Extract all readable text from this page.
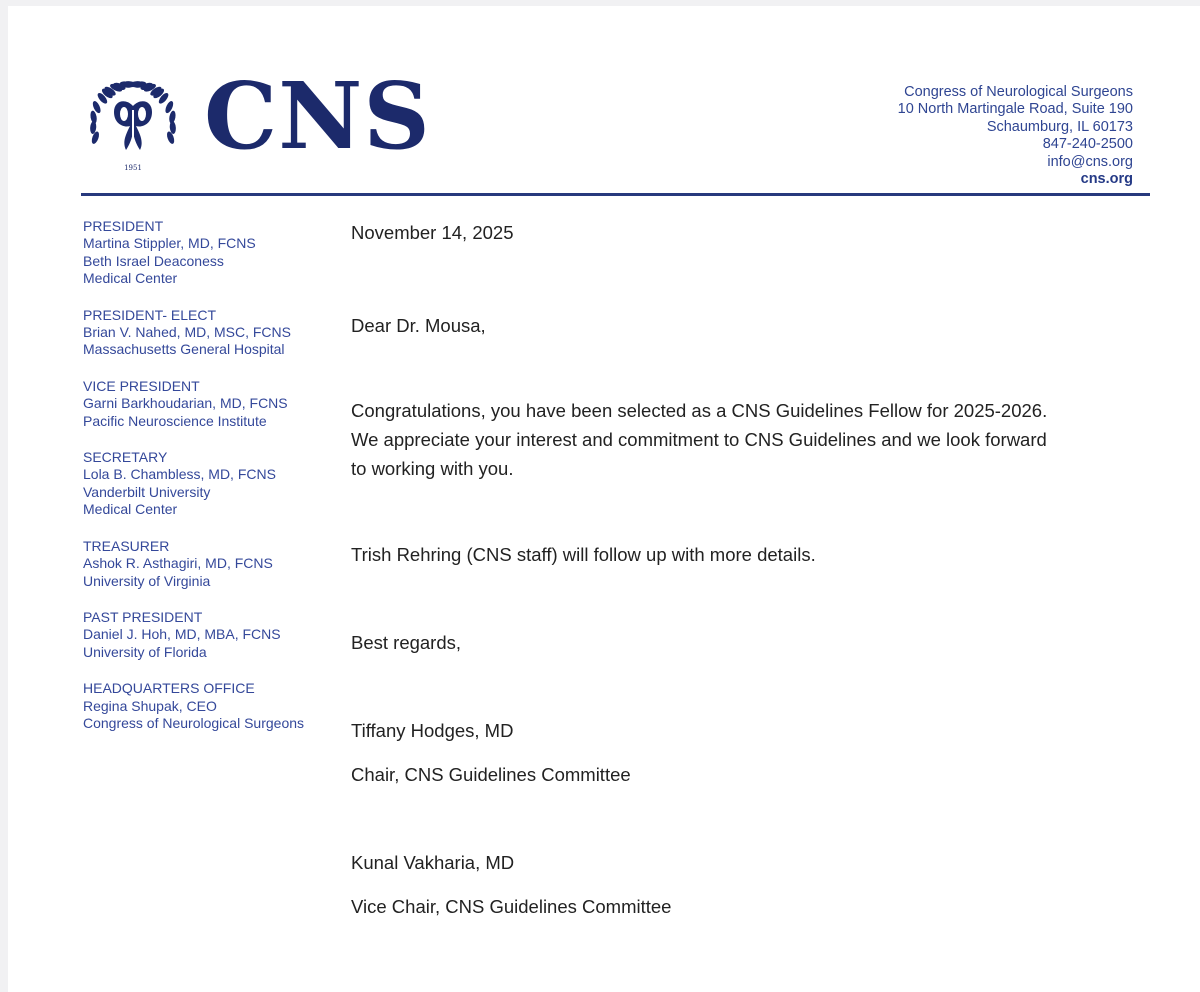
1951 CNS	Congress of Neurological Surgeons
10 North Martingale Road, Suite 190
Schaumburg, IL 60173
847-240-2500
info@cns.org
cns.org
PRESIDENT
Martina Stippler, MD, FCNS
Beth Israel Deaconess
Medical Center
PRESIDENT- ELECT
Brian V. Nahed, MD, MSC, FCNS
Massachusetts General Hospital
VICE PRESIDENT
Garni Barkhoudarian, MD, FCNS
Pacific Neuroscience Institute
SECRETARY
Lola B. Chambless, MD, FCNS
Vanderbilt University
Medical Center
TREASURER
Ashok R. Asthagiri, MD, FCNS
University of Virginia
PAST PRESIDENT
Daniel J. Hoh, MD, MBA, FCNS
University of Florida
HEADQUARTERS OFFICE
Regina Shupak, CEO
Congress of Neurological Surgeons
November 14, 2025
Dear Dr. Mousa,
Congratulations, you have been selected as a CNS Guidelines Fellow for 2025-2026.
We appreciate your interest and commitment to CNS Guidelines and we look forward
to working with you.
Trish Rehring (CNS staff) will follow up with more details.
Best regards,
Tiffany Hodges, MD
Chair, CNS Guidelines Committee
Kunal Vakharia, MD
Vice Chair, CNS Guidelines Committee
